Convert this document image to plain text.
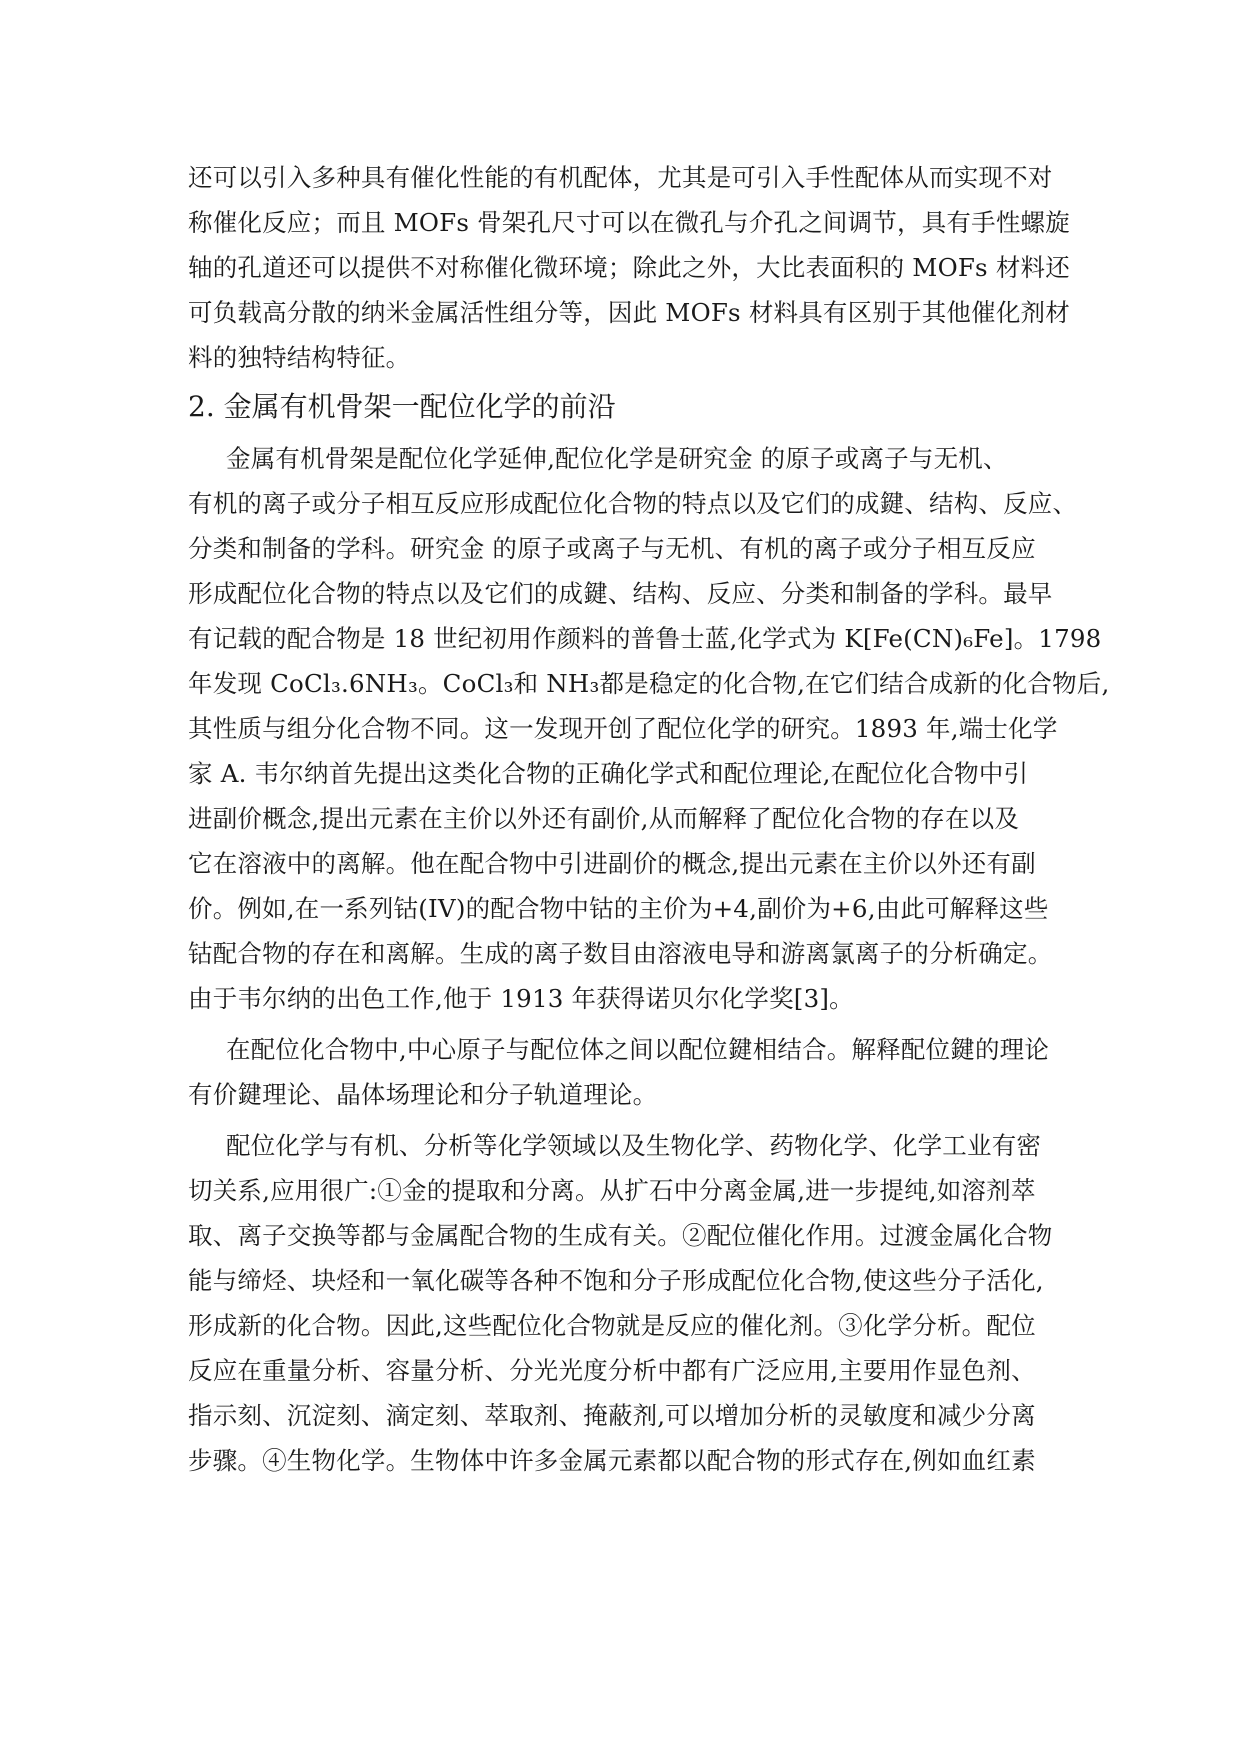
还可以引入多种具有催化性能的有机配体，尤其是可引入手性配体从而实现不对
称催化反应；而且 MOFs 骨架孔尺寸可以在微孔与介孔之间调节，具有手性螺旋
轴的孔道还可以提供不对称催化微环境；除此之外，大比表面积的 MOFs 材料还
可负载高分散的纳米金属活性组分等，因此 MOFs 材料具有区别于其他催化剂材
料的独特结构特征。
2. 金属有机骨架一配位化学的前沿
金属有机骨架是配位化学延伸,配位化学是研究金 的原子或离子与无机、
有机的离子或分子相互反应形成配位化合物的特点以及它们的成鍵、结构、反应、
分类和制备的学科。研究金 的原子或离子与无机、有机的离子或分子相互反应
形成配位化合物的特点以及它们的成鍵、结构、反应、分类和制备的学科。最早
有记载的配合物是 18 世纪初用作颜料的普鲁士蓝,化学式为 K[Fe(CN)₆Fe]。1798
年发现 CoCl₃.6NH₃。CoCl₃和 NH₃都是稳定的化合物,在它们结合成新的化合物后,
其性质与组分化合物不同。这一发现开创了配位化学的研究。1893 年,端士化学
家 A. 韦尔纳首先提出这类化合物的正确化学式和配位理论,在配位化合物中引
进副价概念,提出元素在主价以外还有副价,从而解释了配位化合物的存在以及
它在溶液中的离解。他在配合物中引进副价的概念,提出元素在主价以外还有副
价。例如,在一系列钴(IV)的配合物中钴的主价为+4,副价为+6,由此可解释这些
钴配合物的存在和离解。生成的离子数目由溶液电导和游离氯离子的分析确定。
由于韦尔纳的出色工作,他于 1913 年获得诺贝尔化学奖[3]。
在配位化合物中,中心原子与配位体之间以配位鍵相结合。解释配位鍵的理论
有价鍵理论、晶体场理论和分子轨道理论。
配位化学与有机、分析等化学领域以及生物化学、药物化学、化学工业有密
切关系,应用很广:①金的提取和分离。从扩石中分离金属,进一步提纯,如溶剂萃
取、离子交换等都与金属配合物的生成有关。②配位催化作用。过渡金属化合物
能与缔烃、块烃和一氧化碳等各种不饱和分子形成配位化合物,使这些分子活化,
形成新的化合物。因此,这些配位化合物就是反应的催化剂。③化学分析。配位
反应在重量分析、容量分析、分光光度分析中都有广泛应用,主要用作显色剂、
指示刻、沉淀刻、滴定刻、萃取剂、掩蔽剂,可以增加分析的灵敏度和减少分离
步骤。④生物化学。生物体中许多金属元素都以配合物的形式存在,例如血红素
